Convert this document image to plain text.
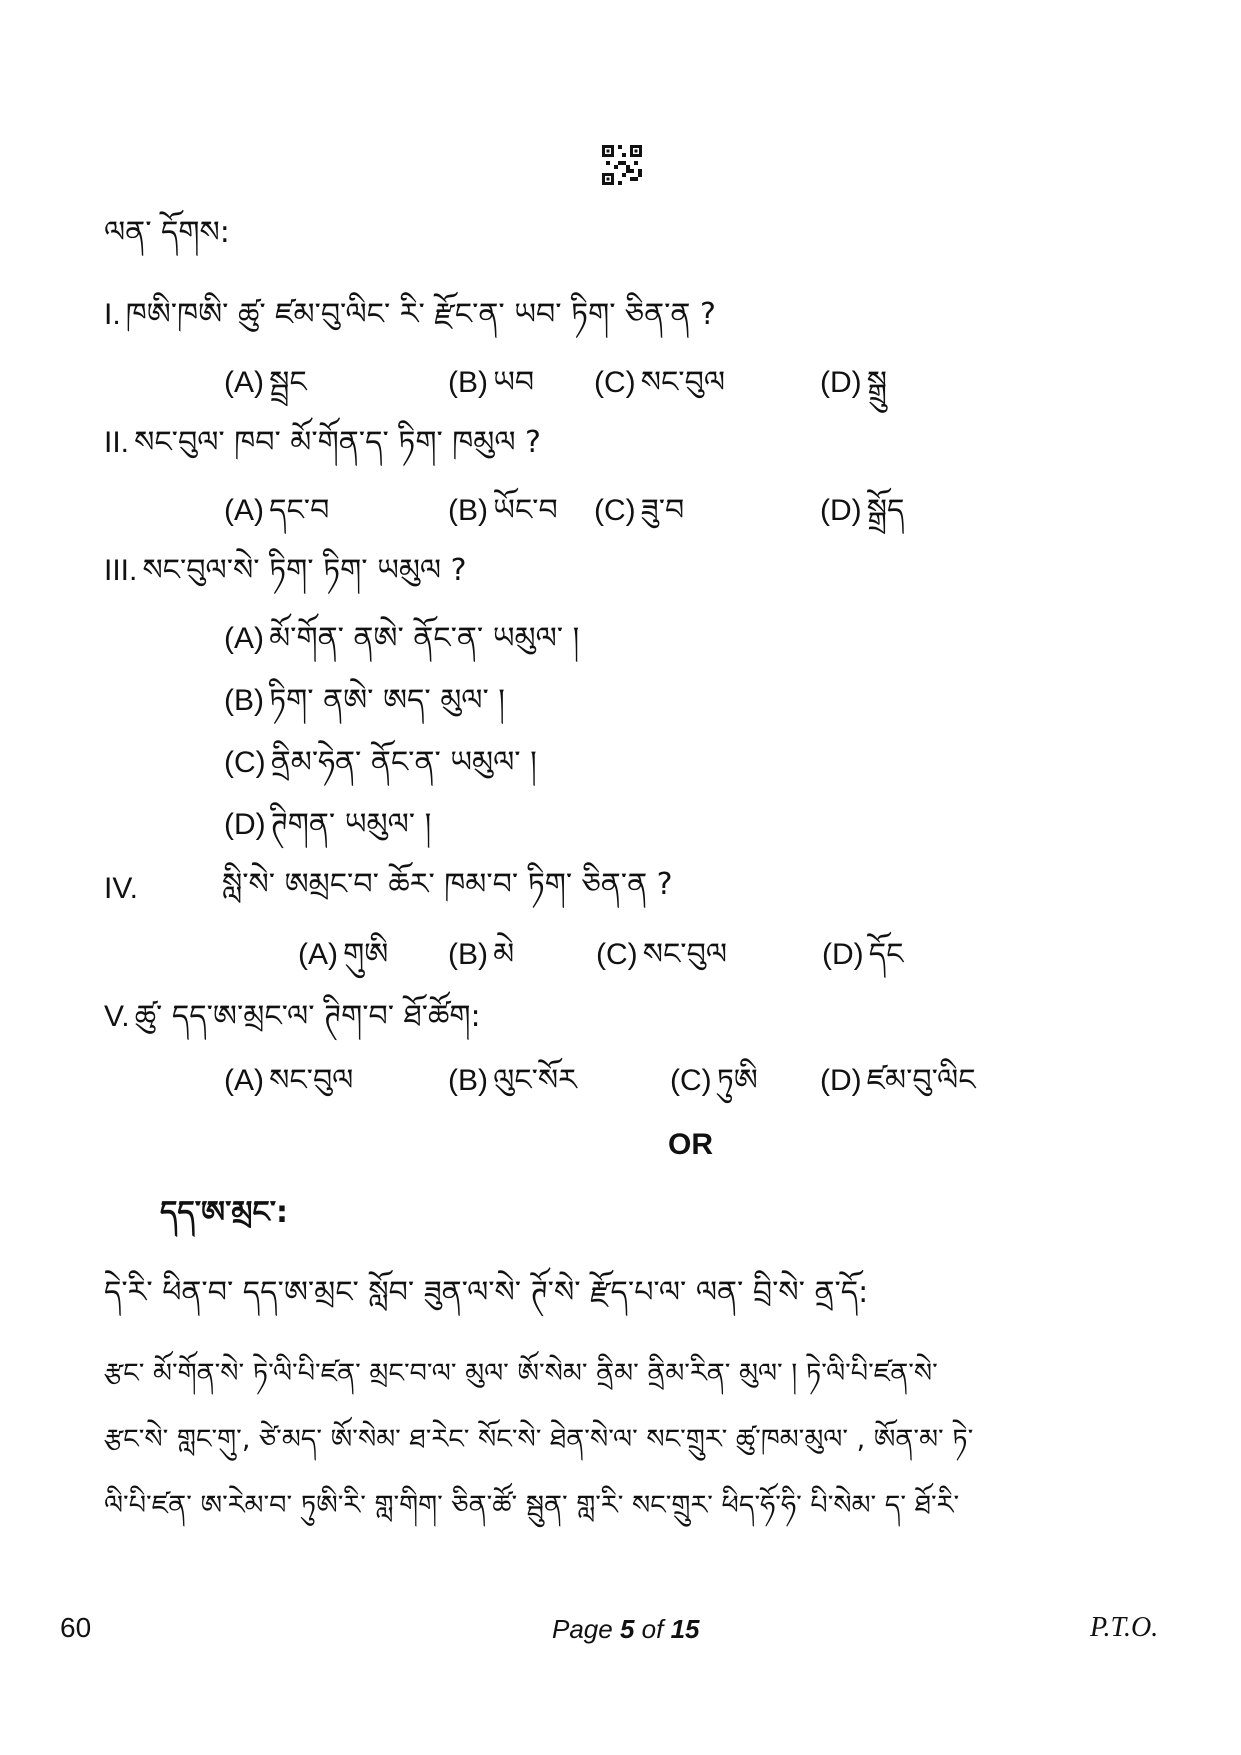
ལན་ དོགས:
I. ཁཨི་ཁཨི་ ཚུ་ ཛམ་བུ་ལིང་ རི་ རྫོང་ན་ ཡབ་ ཏིག་ ཅིན་ན ?
(A) སྦྲང	(B) ཡབ (C) སང་བུལ	(D) སྒྲུ
II. སང་བུལ་ ཁབ་ མོ་གོན་ད་ ཏིག་ ཁམུལ ?
(A) དང་བ	(B) ཡོང་བ (C) ཟུ་བ	(D) སྒྲོད
III. སང་བུལ་སེ་ ཏིག་ ཏིག་ ཡམུལ ?
(A) མོ་གོན་ ནཨེ་ ནོང་ན་ ཡམུལ་ །
(B) ཏིག་ ནཨེ་ ཨད་ མུལ་ །
(C) ནྲིམ་ཧེན་ ནོང་ན་ ཡམུལ་ །
(D) ཊིགན་ ཡམུལ་ །
IV.	སླི་སེ་ ཨམྲང་བ་ ཆོར་ ཁམ་བ་ ཏིག་ ཅིན་ན ?
(A) གུཨི (B) མེ	(C) སང་བུལ	(D) དོང
V. ཚུ་ དད་ཨ་མྲང་ལ་ ཊིག་བ་ ཐོ་ཚོག:
(A) སང་བུལ	(B) ལུང་སོར	(C) ཏུཨི (D) ཛམ་བུ་ལིང
OR
དད་ཨ་མྲང་:
དེ་རི་ ཕིན་བ་ དད་ཨ་མྲང་ སློབ་ ཟུན་ལ་སེ་ ཊོ་སེ་ རྫོད་པ་ལ་ ལན་ བྲི་སེ་ ནྲ་དོ:
རྩང་ མོ་གོན་སེ་ ཏེ་ལི་པི་ཛན་ མྲང་བ་ལ་ མུལ་ ཨོ་སེམ་ ནྲིམ་ ནྲིམ་རིན་ མུལ་ ། ཏེ་ལི་པི་ཛན་སེ་
རྩང་སེ་ གླང་གུ་, ཙེ་མད་ ཨོ་སེམ་ ཐ་རེང་ སོང་སེ་ ཐེན་སེ་ལ་ སང་གྲུར་ ཚུ་ཁམ་མུལ་ , ཨོན་མ་ ཏེ་
ལི་པི་ཛན་ ཨ་རེམ་བ་ ཏུཨི་རི་ གླ་གིག་ ཅིན་ཚོ་ སྦུན་ གླ་རི་ སང་གྲུར་ ཕིད་ཧོ་ཧི་ པི་སེམ་ ད་ ཐོ་རི་
60	Page 5 of 15	P.T.O.
